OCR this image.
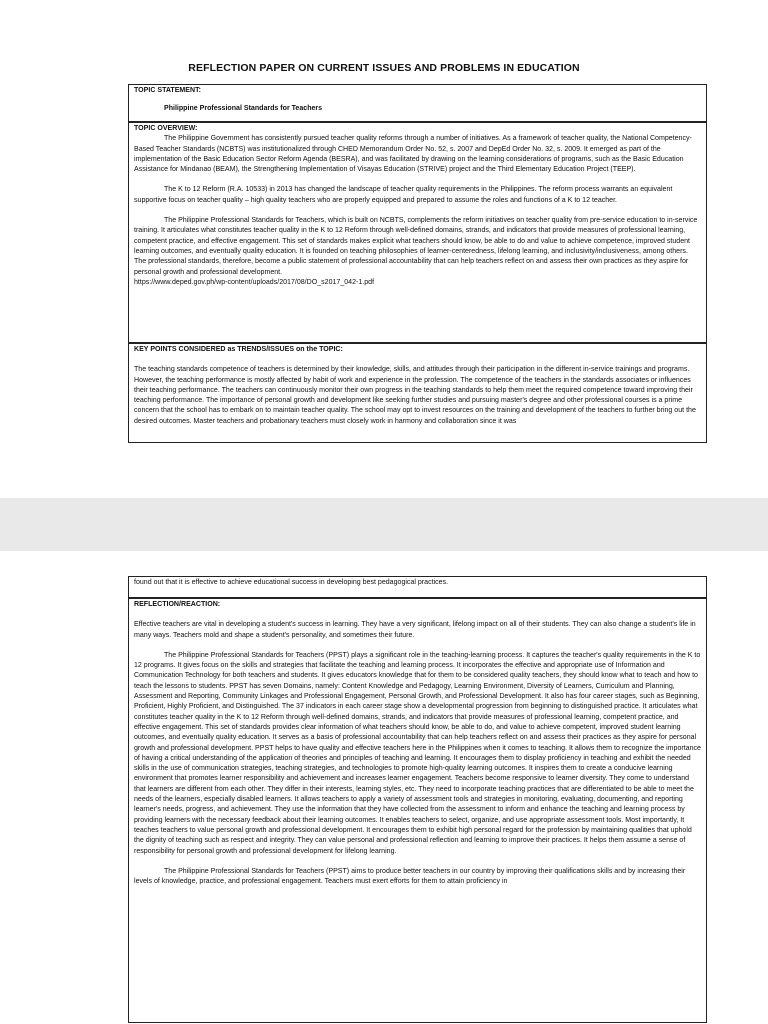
REFLECTION PAPER ON CURRENT ISSUES AND PROBLEMS IN EDUCATION
TOPIC STATEMENT:
Philippine Professional Standards for Teachers
TOPIC OVERVIEW:

The Philippine Government has consistently pursued teacher quality reforms through a number of initiatives. As a framework of teacher quality, the National Competency-Based Teacher Standards (NCBTS) was institutionalized through CHED Memorandum Order No. 52, s. 2007 and DepEd Order No. 32, s. 2009. It emerged as part of the implementation of the Basic Education Sector Reform Agenda (BESRA), and was facilitated by drawing on the learning considerations of programs, such as the Basic Education Assistance for Mindanao (BEAM), the Strengthening Implementation of Visayas Education (STRIVE) project and the Third Elementary Education Project (TEEP).

The K to 12 Reform (R.A. 10533) in 2013 has changed the landscape of teacher quality requirements in the Philippines. The reform process warrants an equivalent supportive focus on teacher quality – high quality teachers who are properly equipped and prepared to assume the roles and functions of a K to 12 teacher.

The Philippine Professional Standards for Teachers, which is built on NCBTS, complements the reform initiatives on teacher quality from pre-service education to in-service training. It articulates what constitutes teacher quality in the K to 12 Reform through well-defined domains, strands, and indicators that provide measures of professional learning, competent practice, and effective engagement. This set of standards makes explicit what teachers should know, be able to do and value to achieve competence, improved student learning outcomes, and eventually quality education. It is founded on teaching philosophies of learner-centeredness, lifelong learning, and inclusivity/inclusiveness, among others. The professional standards, therefore, become a public statement of professional accountability that can help teachers reflect on and assess their own practices as they aspire for personal growth and professional development.

https://www.deped.gov.ph/wp-content/uploads/2017/08/DO_s2017_042-1.pdf

KEY POINTS CONSIDERED as TRENDS/ISSUES on the TOPIC:

The teaching standards competence of teachers is determined by their knowledge, skills, and attitudes through their participation in the different in-service trainings and programs. However, the teaching performance is mostly affected by habit of work and experience in the profession. The competence of the teachers in the standards associates or influences their teaching performance. The teachers can continuously monitor their own progress in the teaching standards to help them meet the required competence toward improving their teaching performance. The importance of personal growth and development like seeking further studies and pursuing master's degree and other professional courses is a prime concern that the school has to embark on to maintain teacher quality. The school may opt to invest resources on the training and development of the teachers to further bring out the desired outcomes. Master teachers and probationary teachers must closely work in harmony and collaboration since it was

found out that it is effective to achieve educational success in developing best pedagogical practices.

REFLECTION/REACTION:

Effective teachers are vital in developing a student's success in learning. They have a very significant, lifelong impact on all of their students. They can also change a student's life in many ways. Teachers mold and shape a student's personality, and sometimes their future.

The Philippine Professional Standards for Teachers (PPST) plays a significant role in the teaching-learning process. It captures the teacher's quality requirements in the K to 12 programs. It gives focus on the skills and strategies that facilitate the teaching and learning process. It incorporates the effective and appropriate use of Information and Communication Technology for both teachers and students. It gives educators knowledge that for them to be considered quality teachers, they should know what to teach and how to teach the lessons to students. PPST has seven Domains, namely: Content Knowledge and Pedagogy, Learning Environment, Diversity of Learners, Curriculum and Planning, Assessment and Reporting, Community Linkages and Professional Engagement, Personal Growth, and Professional Development. It also has four career stages, such as Beginning, Proficient, Highly Proficient, and Distinguished. The 37 indicators in each career stage show a developmental progression from beginning to distinguished practice. It articulates what constitutes teacher quality in the K to 12 Reform through well-defined domains, strands, and indicators that provide measures of professional learning, competent practice, and effective engagement. This set of standards provides clear information of what teachers should know, be able to do, and value to achieve competent, improved student learning outcomes, and eventually quality education. It serves as a basis of professional accountability that can help teachers reflect on and assess their practices as they aspire for personal growth and professional development. PPST helps to have quality and effective teachers here in the Philippines when it comes to teaching. It allows them to recognize the importance of having a critical understanding of the application of theories and principles of teaching and learning. It encourages them to display proficiency in teaching and exhibit the needed skills in the use of communication strategies, teaching strategies, and technologies to promote high-quality learning outcomes. It inspires them to create a conducive learning environment that promotes learner responsibility and achievement and increases learner engagement. Teachers become responsive to learner diversity. They come to understand that learners are different from each other. They differ in their interests, learning styles, etc. They need to incorporate teaching practices that are differentiated to be able to meet the needs of the learners, especially disabled learners. It allows teachers to apply a variety of assessment tools and strategies in monitoring, evaluating, documenting, and reporting learner's needs, progress, and achievement. They use the information that they have collected from the assessment to inform and enhance the teaching and learning process by providing learners with the necessary feedback about their learning outcomes. It enables teachers to select, organize, and use appropriate assessment tools. Most importantly, It teaches teachers to value personal growth and professional development. It encourages them to exhibit high personal regard for the profession by maintaining qualities that uphold the dignity of teaching such as respect and integrity. They can value personal and professional reflection and learning to improve their practices. It helps them assume a sense of responsibility for personal growth and professional development for lifelong learning.

The Philippine Professional Standards for Teachers (PPST) aims to produce better teachers in our country by improving their qualifications skills and by increasing their levels of knowledge, practice, and professional engagement. Teachers must exert efforts for them to attain proficiency in
